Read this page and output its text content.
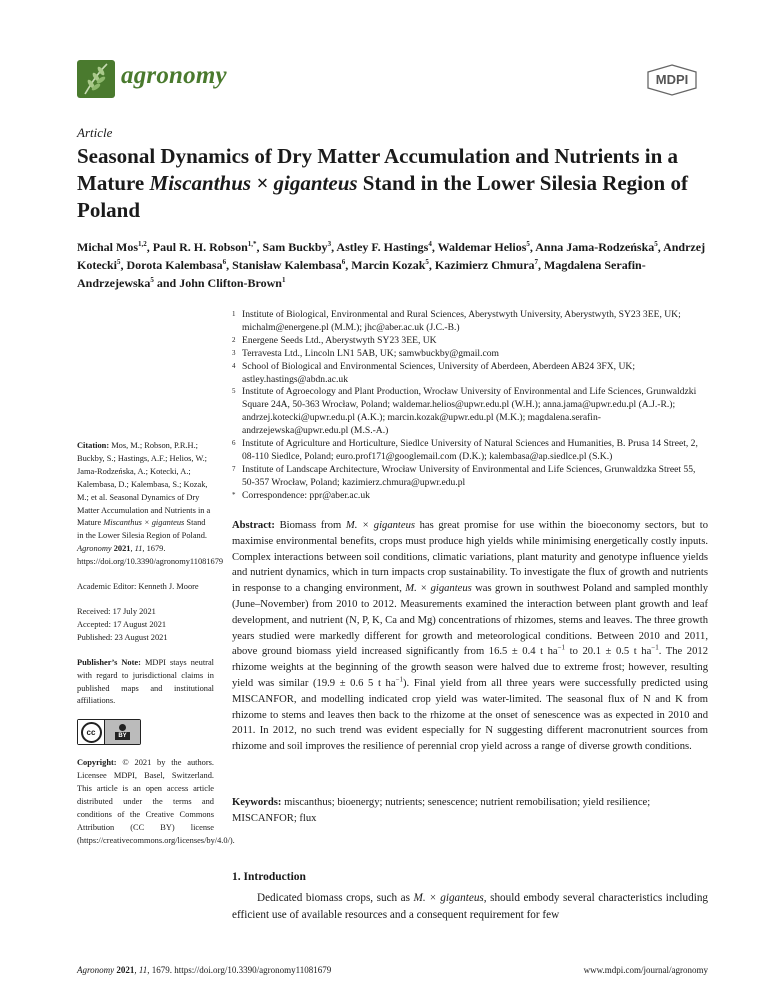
agronomy	MDPI
Article
Seasonal Dynamics of Dry Matter Accumulation and Nutrients in a Mature Miscanthus × giganteus Stand in the Lower Silesia Region of Poland
Michal Mos$^{1,2}$, Paul R. H. Robson$^{1,*}$, Sam Buckby$^3$, Astley F. Hastings$^4$, Waldemar Helios$^5$, Anna Jama-Rodzeńska$^5$, Andrzej Kotecki$^5$, Dorota Kalembasa$^6$, Stanisław Kalembasa$^6$, Marcin Kozak$^5$, Kazimierz Chmura$^7$, Magdalena Serafin-Andrzejewska$^5$ and John Clifton-Brown$^1$
1 Institute of Biological, Environmental and Rural Sciences, Aberystwyth University, Aberystwyth, SY23 3EE, UK; michalm@energene.pl (M.M.); jhc@aber.ac.uk (J.C.-B.)
2 Energene Seeds Ltd., Aberystwyth SY23 3EE, UK
3 Terravesta Ltd., Lincoln LN1 5AB, UK; samwbuckby@gmail.com
4 School of Biological and Environmental Sciences, University of Aberdeen, Aberdeen AB24 3FX, UK; astley.hastings@abdn.ac.uk
5 Institute of Agroecology and Plant Production, Wrocław University of Environmental and Life Sciences, Grunwaldzki Square 24A, 50-363 Wrocław, Poland; waldemar.helios@upwr.edu.pl (W.H.); anna.jama@upwr.edu.pl (A.J.-R.); andrzej.kotecki@upwr.edu.pl (A.K.); marcin.kozak@upwr.edu.pl (M.K.); magdalena.serafin-andrzejewska@upwr.edu.pl (M.S.-A.)
6 Institute of Agriculture and Horticulture, Siedlce University of Natural Sciences and Humanities, B. Prusa 14 Street, 2, 08-110 Siedlce, Poland; euro.prof171@googlemail.com (D.K.); kalembasa@ap.siedlce.pl (S.K.)
7 Institute of Landscape Architecture, Wrocław University of Environmental and Life Sciences, Grunwaldzka Street 55, 50-357 Wrocław, Poland; kazimierz.chmura@upwr.edu.pl
* Correspondence: ppr@aber.ac.uk

Citation: Mos, M.; Robson, P.R.H.; Buckby, S.; Hastings, A.F.; Helios, W.; Jama-Rodzeńska, A.; Kotecki, A.; Kalembasa, D.; Kalembasa, S.; Kozak, M.; et al. Seasonal Dynamics of Dry Matter Accumulation and Nutrients in a Mature Miscanthus × giganteus Stand in the Lower Silesia Region of Poland. Agronomy 2021, 11, 1679. https://doi.org/10.3390/agronomy11081679

Academic Editor: Kenneth J. Moore

Received: 17 July 2021

Accepted: 17 August 2021

Published: 23 August 2021

Publisher’s Note: MDPI stays neutral with regard to jurisdictional claims in published maps and institutional affiliations.

cc	BY

Copyright: © 2021 by the authors. Licensee MDPI, Basel, Switzerland. This article is an open access article distributed under the terms and conditions of the Creative Commons Attribution (CC BY) license (https://creativecommons.org/licenses/by/4.0/).

Abstract: Biomass from M. × giganteus has great promise for use within the bioeconomy sectors, but to maximise environmental benefits, crops must produce high yields while minimising energetically costly inputs. Complex interactions between soil conditions, climatic variations, plant maturity and genotype influence yields and nutrient dynamics, which in turn impacts crop sustainability. To investigate the flux of growth and nutrients in response to a changing environment, M. × giganteus was grown in southwest Poland and sampled monthly (June–November) from 2010 to 2012. Measurements examined the interaction between plant growth and leaf development, and nutrient (N, P, K, Ca and Mg) concentrations of rhizomes, stems and leaves. The three growth years studied were markedly different for growth and meteorological conditions. Between 2010 and 2011, above ground biomass yield increased significantly from 16.5 ± 0.4 t $ha^{-1}$ to 20.1 ± 0.5 t $ha^{-1}$. The 2012 rhizome weights at the beginning of the growth season were halved due to extreme frost; however, resulting yield was similar (19.9 ± 0.6 5 t $ha^{-1}$). Final yield from all three years were successfully predicted using MISCANFOR, and modelling indicated crop yield was water-limited. The seasonal flux of N and K from rhizome to stems and leaves then back to the rhizome at the onset of senescence was as expected in 2010 and 2011. In 2012, no such trend was evident especially for N suggesting different macronutrient sources from rhizome and soil improves the resilience of perennial crop yield across a range of diverse growth conditions.
Keywords: miscanthus; bioenergy; nutrients; senescence; nutrient remobilisation; yield resilience; MISCANFOR; flux
1. Introduction
Dedicated biomass crops, such as M. × giganteus, should embody several characteristics including efficient use of available resources and a consequent requirement for few
Agronomy 2021, 11, 1679. https://doi.org/10.3390/agronomy11081679	www.mdpi.com/journal/agronomy
